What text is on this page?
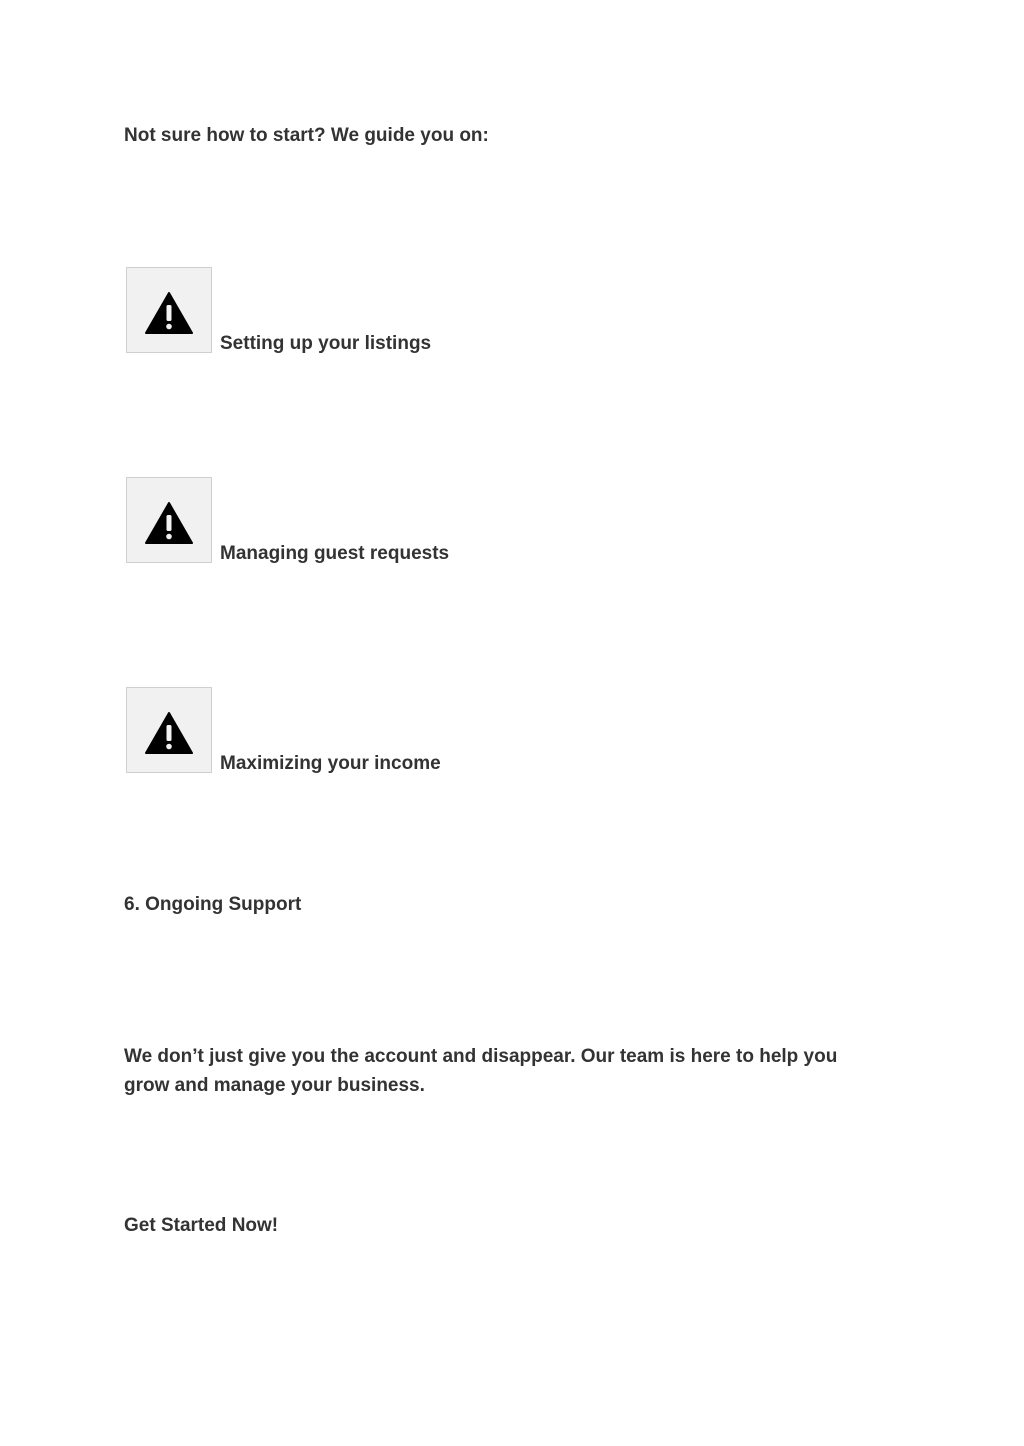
Not sure how to start? We guide you on:

Setting up your listings
Managing guest requests
Maximizing your income

6. Ongoing Support

We don’t just give you the account and disappear. Our team is here to help you grow and manage your business.

Get Started Now!
